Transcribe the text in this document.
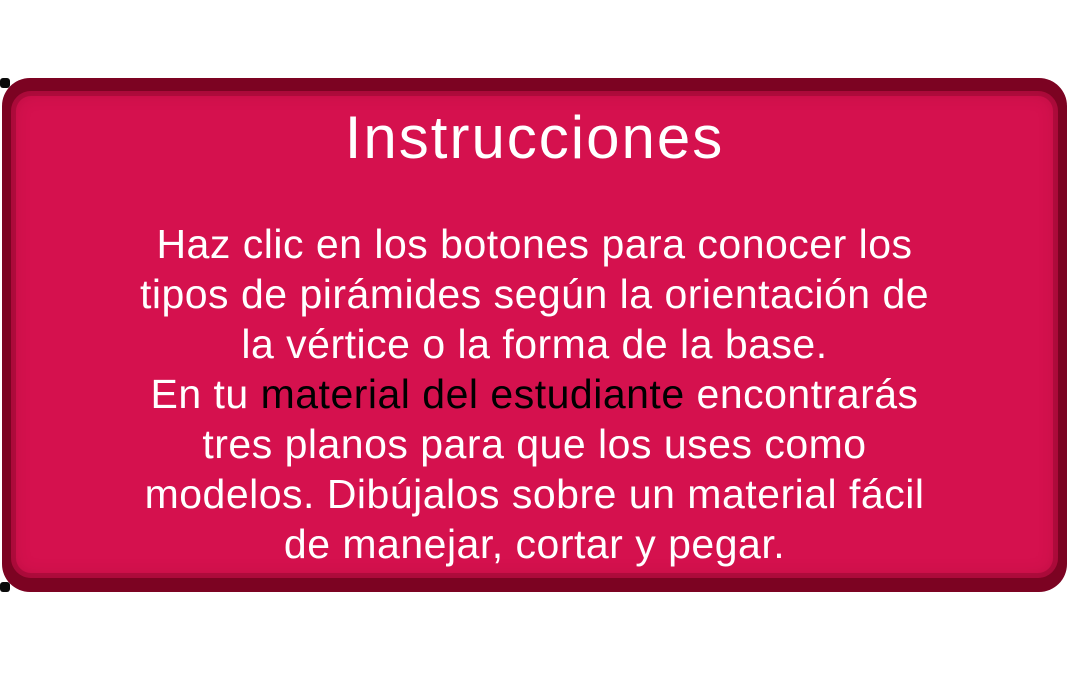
Instrucciones
Haz clic en los botones para conocer los
tipos de pirámides según la orientación de
la vértice o la forma de la base.
En tu material del estudiante encontrarás
tres planos para que los uses como
modelos. Dibújalos sobre un material fácil
de manejar, cortar y pegar.
